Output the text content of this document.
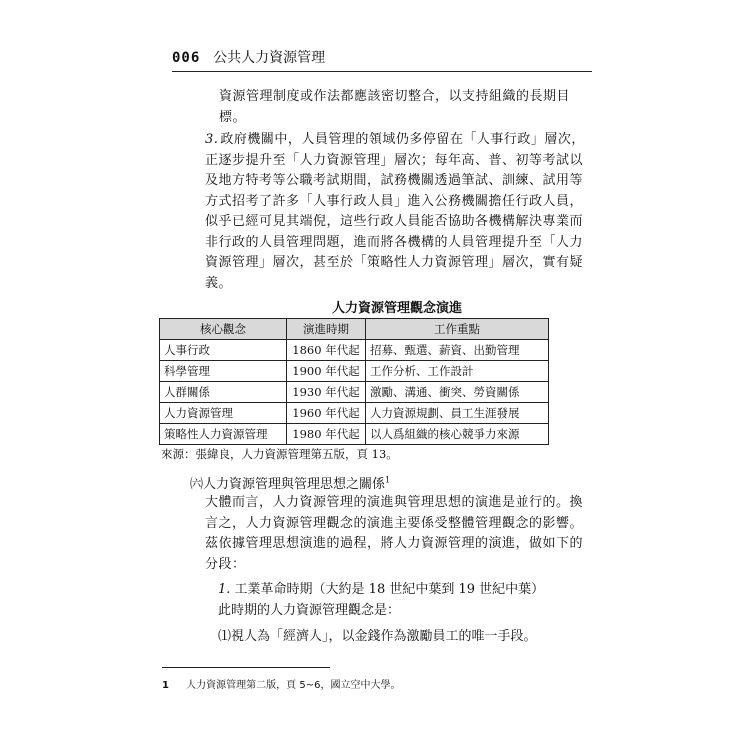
006 公共人力資源管理
資源管理制度或作法都應該密切整合，以支持組織的長期目標。
3. 政府機關中，人員管理的領域仍多停留在「人事行政」層次，正逐步提升至「人力資源管理」層次；每年高、普、初等考試以及地方特考等公職考試期間，試務機關透過筆試、訓練、試用等方式招考了許多「人事行政人員」進入公務機關擔任行政人員，似乎已經可見其端倪，這些行政人員能否協助各機構解決專業而非行政的人員管理問題，進而將各機構的人員管理提升至「人力資源管理」層次，甚至於「策略性人力資源管理」層次，實有疑義。
人力資源管理觀念演進
核心觀念	演進時期	工作重點
人事行政	1860 年代起	招募、甄選、薪資、出勤管理
科學管理	1900 年代起	工作分析、工作設計
人群關係	1930 年代起	激勵、溝通、衝突、勞資關係
人力資源管理	1960 年代起	人力資源規劃、員工生涯發展
策略性人力資源管理	1980 年代起	以人爲組織的核心競爭力來源
來源：張緯良，人力資源管理第五版，頁 13。
㈥人力資源管理與管理思想之關係$^1$
大體而言，人力資源管理的演進與管理思想的演進是並行的。換言之，人力資源管理觀念的演進主要係受整體管理觀念的影響。茲依據管理思想演進的過程，將人力資源管理的演進，做如下的分段：
1. 工業革命時期（大約是 18 世紀中葉到 19 世紀中葉）
此時期的人力資源管理觀念是：
⑴視人為「經濟人」，以金錢作為激勵員工的唯一手段。
1 人力資源管理第二版，頁 5~6，國立空中大學。
